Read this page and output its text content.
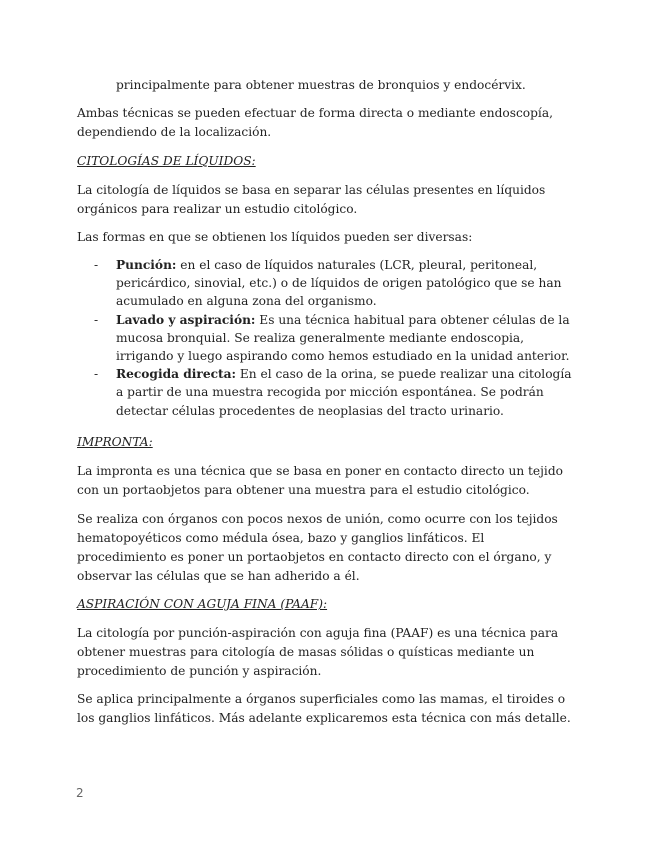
principalmente para obtener muestras de bronquios y endocérvix.

Ambas técnicas se pueden efectuar de forma directa o mediante endoscopía, dependiendo de la localización.

CITOLOGÍAS DE LÍQUIDOS:

La citología de líquidos se basa en separar las células presentes en líquidos orgánicos para realizar un estudio citológico.

Las formas en que se obtienen los líquidos pueden ser diversas:

- Punción: en el caso de líquidos naturales (LCR, pleural, peritoneal, pericárdico, sinovial, etc.) o de líquidos de origen patológico que se han acumulado en alguna zona del organismo.
- Lavado y aspiración: Es una técnica habitual para obtener células de la mucosa bronquial. Se realiza generalmente mediante endoscopia, irrigando y luego aspirando como hemos estudiado en la unidad anterior.
- Recogida directa: En el caso de la orina, se puede realizar una citología a partir de una muestra recogida por micción espontánea. Se podrán detectar células procedentes de neoplasias del tracto urinario.

IMPRONTA:

La impronta es una técnica que se basa en poner en contacto directo un tejido con un portaobjetos para obtener una muestra para el estudio citológico.

Se realiza con órganos con pocos nexos de unión, como ocurre con los tejidos hematopoyéticos como médula ósea, bazo y ganglios linfáticos. El procedimiento es poner un portaobjetos en contacto directo con el órgano, y observar las células que se han adherido a él.

ASPIRACIÓN CON AGUJA FINA (PAAF):

La citología por punción-aspiración con aguja fina (PAAF) es una técnica para obtener muestras para citología de masas sólidas o quísticas mediante un procedimiento de punción y aspiración.

Se aplica principalmente a órganos superficiales como las mamas, el tiroides o los ganglios linfáticos. Más adelante explicaremos esta técnica con más detalle.

2
